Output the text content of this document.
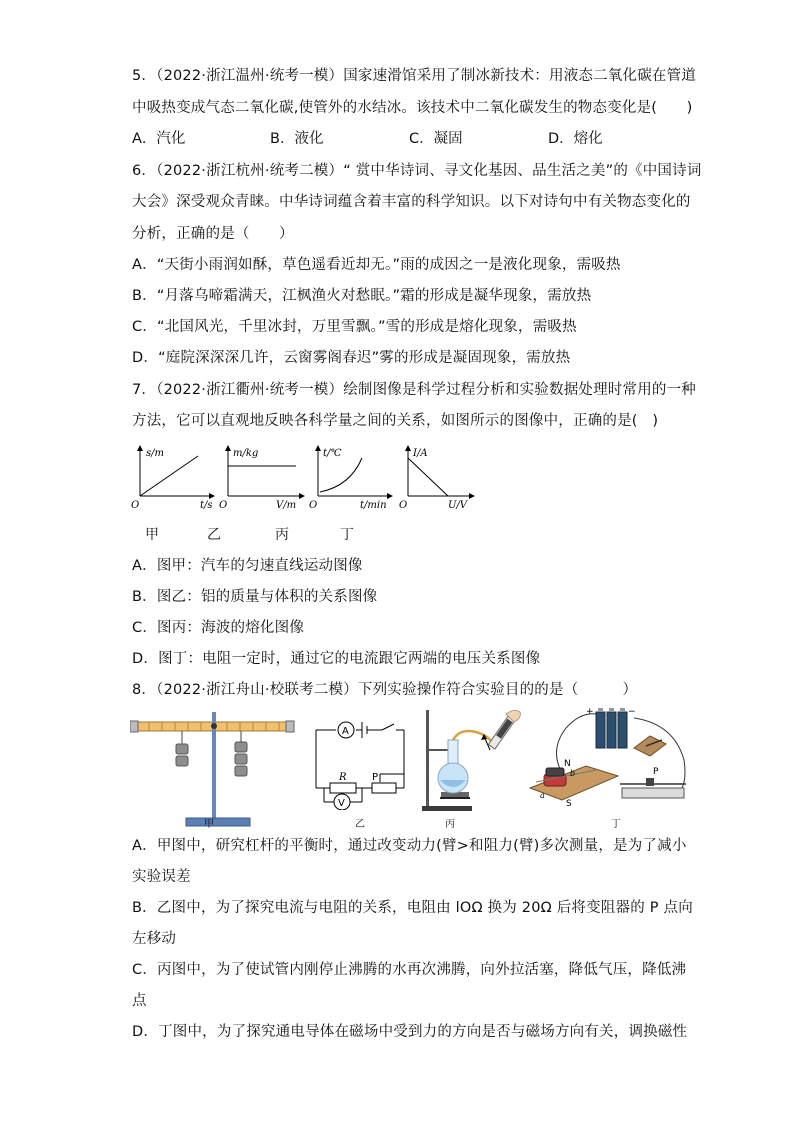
5．（2022·浙江温州·统考一模）国家速滑馆采用了制冰新技术：用液态二氧化碳在管道
中吸热变成气态二氧化碳,使管外的水结冰。该技术中二氧化碳发生的物态变化是(　　)
A．汽化	B．液化	C．凝固	D．熔化
6．（2022·浙江杭州·统考二模）“ 赏中华诗词、寻文化基因、品生活之美”的《中国诗词
大会》深受观众青睐。中华诗词蕴含着丰富的科学知识。以下对诗句中有关物态变化的
分析，正确的是（　　）
A．“天街小雨润如酥，草色遥看近却无。”雨的成因之一是液化现象，需吸热
B．“月落乌啼霜满天，江枫渔火对愁眠。”霜的形成是凝华现象，需放热
C．“北国风光，千里冰封，万里雪飘。”雪的形成是熔化现象，需吸热
D．“庭院深深深几许，云窗雾阁春迟”雾的形成是凝固现象，需放热
7．（2022·浙江衢州·统考一模）绘制图像是科学过程分析和实验数据处理时常用的一种
方法，它可以直观地反映各科学量之间的关系，如图所示的图像中，正确的是(　)
s/m
t/s
O
m/kg
V/m
O
t/℃
t/min
O
I/A
U/V
O
甲	乙	丙	丁
A．图甲：汽车的匀速直线运动图像
B．图乙：铝的质量与体积的关系图像
C．图丙：海波的熔化图像
D．图丁：电阻一定时，通过它的电流跟它两端的电压关系图像
8．（2022·浙江舟山·校联考二模）下列实验操作符合实验目的的是（　　　）
A
V
R	P
+	−
N
S
b
a
P
甲	乙	丙	丁
A．甲图中，研究杠杆的平衡时，通过改变动力(臂>和阻力(臂)多次测量，是为了减小
实验误差
B．乙图中，为了探究电流与电阻的关系，电阻由 lOΩ 换为 20Ω 后将变阻器的 P 点向
左移动
C．丙图中，为了使试管内刚停止沸腾的水再次沸腾，向外拉活塞，降低气压，降低沸
点
D．丁图中，为了探究通电导体在磁场中受到力的方向是否与磁场方向有关，调换磁性
